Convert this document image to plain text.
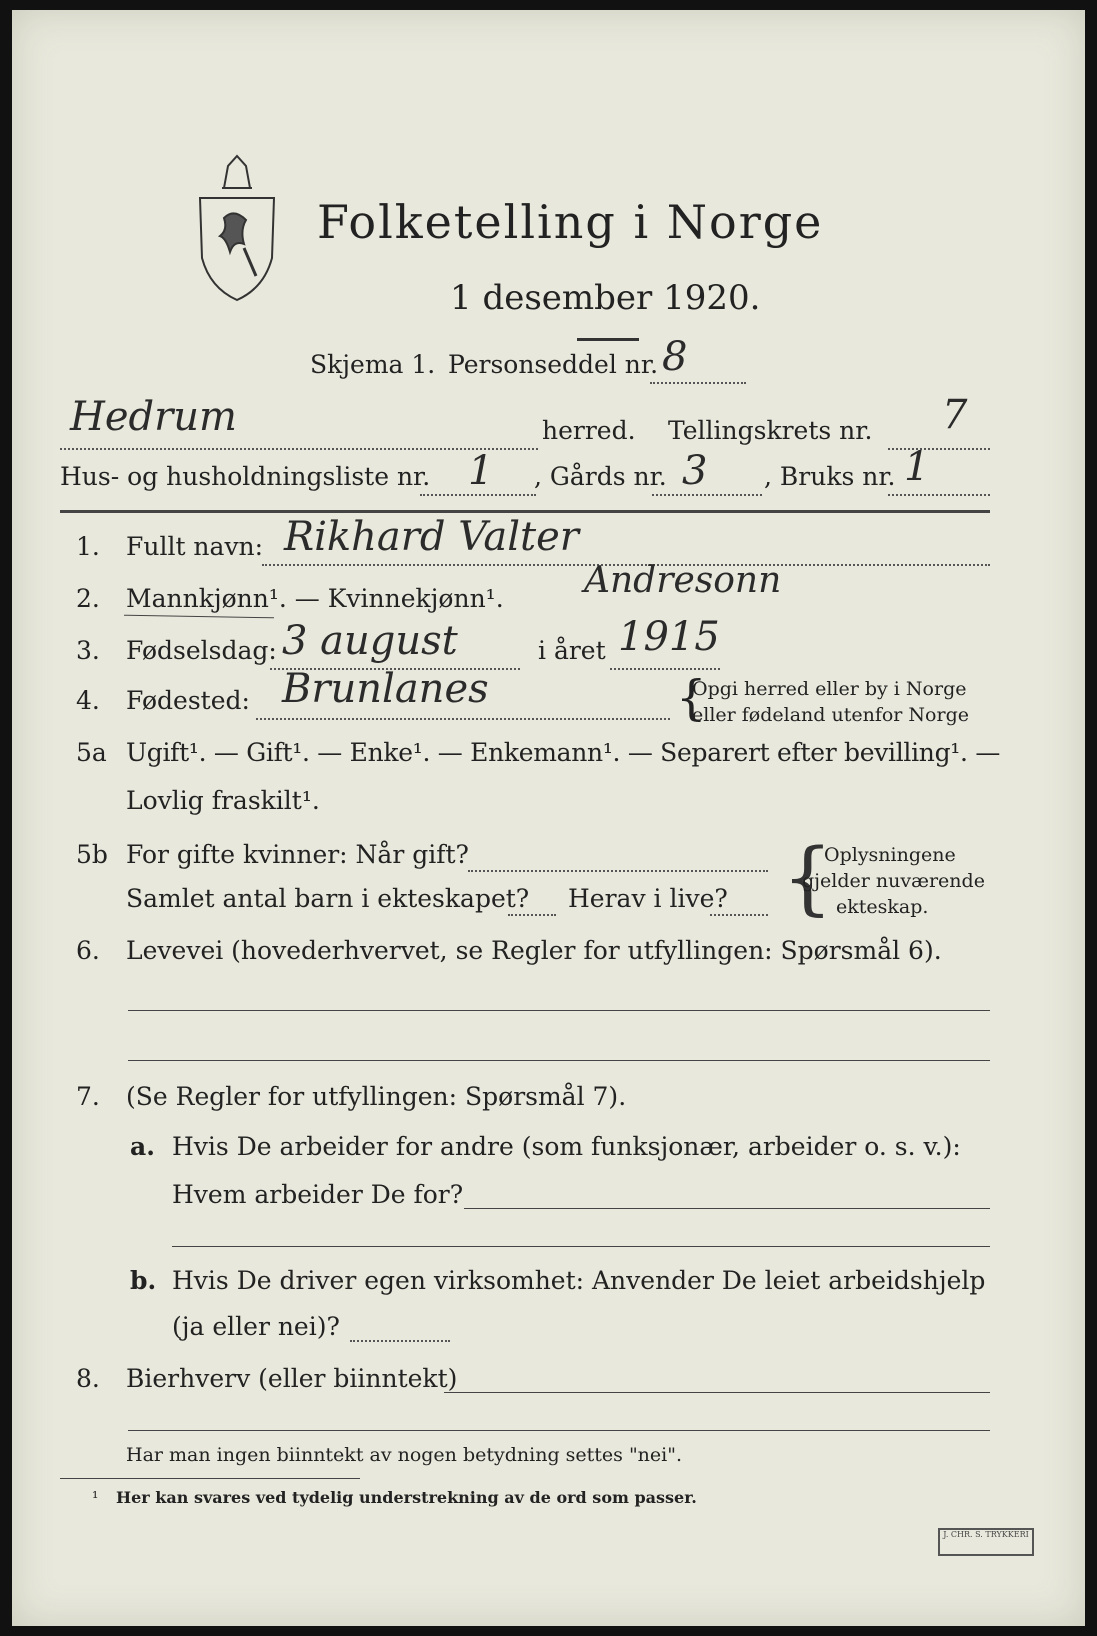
Folketelling i Norge
1 desember 1920.
Skjema 1. Personseddel nr. 8
Hedrum	herred. Tellingskrets nr. 7
Hus- og husholdningsliste nr. 1 , Gårds nr. 3 , Bruks nr. 1
1. Fullt navn: Rikhard Valter
Andresonn
2. Mannkjønn¹. — Kvinnekjønn¹.
3. Fødselsdag: 3 august	i året 1915
4. Fødested: Brunlanes	{
Opgi herred eller by i Norge
eller fødeland utenfor Norge
5a Ugift¹. — Gift¹. — Enke¹. — Enkemann¹. — Separert efter bevilling¹. —
Lovlig fraskilt¹.
5b For gifte kvinner: Når gift?
Samlet antal barn i ekteskapet? Herav i live? {
Oplysningene
gjelder nuværende
ekteskap.
6. Levevei (hovederhvervet, se Regler for utfyllingen: Spørsmål 6).
7. (Se Regler for utfyllingen: Spørsmål 7).
a. Hvis De arbeider for andre (som funksjonær, arbeider o. s. v.):
Hvem arbeider De for?
b. Hvis De driver egen virksomhet: Anvender De leiet arbeidshjelp
(ja eller nei)?
8. Bierhverv (eller biinntekt)
Har man ingen biinntekt av nogen betydning settes "nei".
¹ Her kan svares ved tydelig understrekning av de ord som passer.
J. CHR. S. TRYKKERI
